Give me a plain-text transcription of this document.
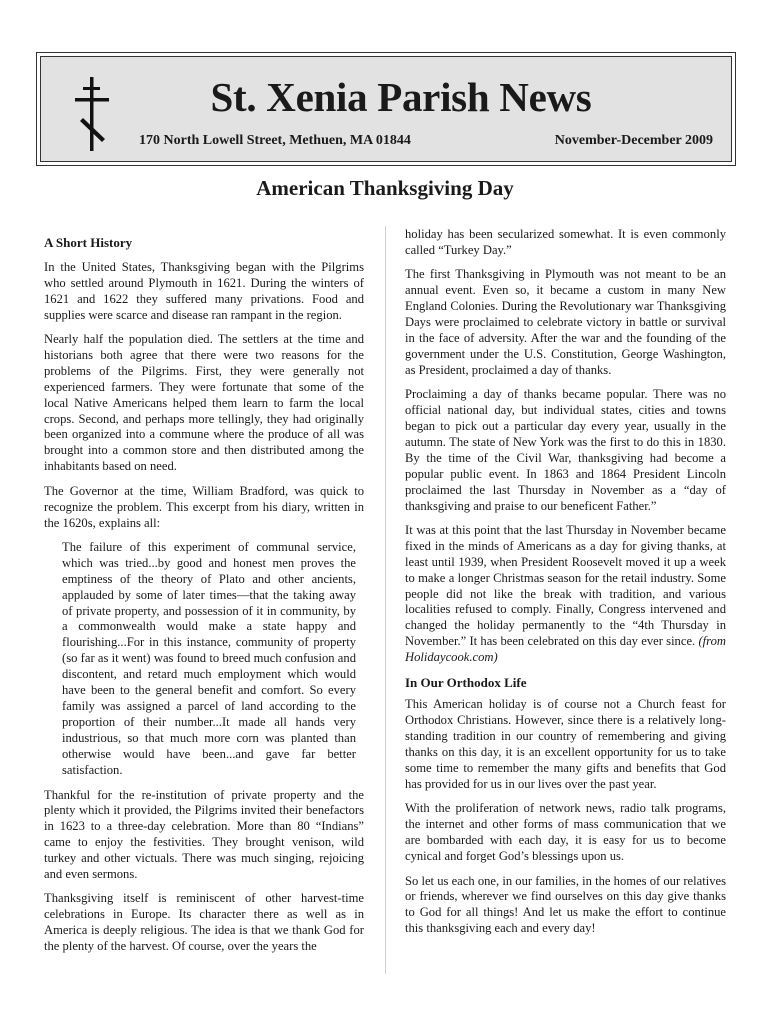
St. Xenia Parish News
170 North Lowell Street, Methuen, MA 01844	November-December 2009
American Thanksgiving Day
A Short History

In the United States, Thanksgiving began with the Pilgrims who settled around Plymouth in 1621. During the winters of 1621 and 1622 they suffered many privations. Food and supplies were scarce and disease ran rampant in the region.

Nearly half the population died. The settlers at the time and historians both agree that there were two reasons for the problems of the Pilgrims. First, they were generally not experienced farmers. They were fortunate that some of the local Native Americans helped them learn to farm the local crops. Second, and perhaps more tellingly, they had originally been organized into a commune where the produce of all was brought into a common store and then distributed among the inhabitants based on need.

The Governor at the time, William Bradford, was quick to recognize the problem. This excerpt from his diary, written in the 1620s, explains all:

The failure of this experiment of communal service, which was tried...by good and honest men proves the emptiness of the theory of Plato and other ancients, applauded by some of later times—that the taking away of private property, and possession of it in community, by a commonwealth would make a state happy and flourishing...For in this instance, community of property (so far as it went) was found to breed much confusion and discontent, and retard much employment which would have been to the general benefit and comfort. So every family was assigned a parcel of land according to the proportion of their number...It made all hands very industrious, so that much more corn was planted than otherwise would have been...and gave far better satisfaction.

Thankful for the re-institution of private property and the plenty which it provided, the Pilgrims invited their benefactors in 1623 to a three-day celebration. More than 80 “Indians” came to enjoy the festivities. They brought venison, wild turkey and other victuals. There was much singing, rejoicing and even sermons.

Thanksgiving itself is reminiscent of other harvest-time celebrations in Europe. Its character there as well as in America is deeply religious. The idea is that we thank God for the plenty of the harvest. Of course, over the years the

holiday has been secularized somewhat. It is even commonly called “Turkey Day.”

The first Thanksgiving in Plymouth was not meant to be an annual event. Even so, it became a custom in many New England Colonies. During the Revolutionary war Thanksgiving Days were proclaimed to celebrate victory in battle or survival in the face of adversity. After the war and the founding of the government under the U.S. Constitution, George Washington, as President, proclaimed a day of thanks.

Proclaiming a day of thanks became popular. There was no official national day, but individual states, cities and towns began to pick out a particular day every year, usually in the autumn. The state of New York was the first to do this in 1830. By the time of the Civil War, thanksgiving had become a popular public event. In 1863 and 1864 President Lincoln proclaimed the last Thursday in November as a “day of thanksgiving and praise to our beneficent Father.”

It was at this point that the last Thursday in November became fixed in the minds of Americans as a day for giving thanks, at least until 1939, when President Roosevelt moved it up a week to make a longer Christmas season for the retail industry. Some people did not like the break with tradition, and various localities refused to comply. Finally, Congress intervened and changed the holiday permanently to the “4th Thursday in November.” It has been celebrated on this day ever since. (from Holidaycook.com)

In Our Orthodox Life

This American holiday is of course not a Church feast for Orthodox Christians. However, since there is a relatively long-standing tradition in our country of remembering and giving thanks on this day, it is an excellent opportunity for us to take some time to remember the many gifts and benefits that God has provided for us in our lives over the past year.

With the proliferation of network news, radio talk programs, the internet and other forms of mass communication that we are bombarded with each day, it is easy for us to become cynical and forget God’s blessings upon us.

So let us each one, in our families, in the homes of our relatives or friends, wherever we find ourselves on this day give thanks to God for all things! And let us make the effort to continue this thanksgiving each and every day!
